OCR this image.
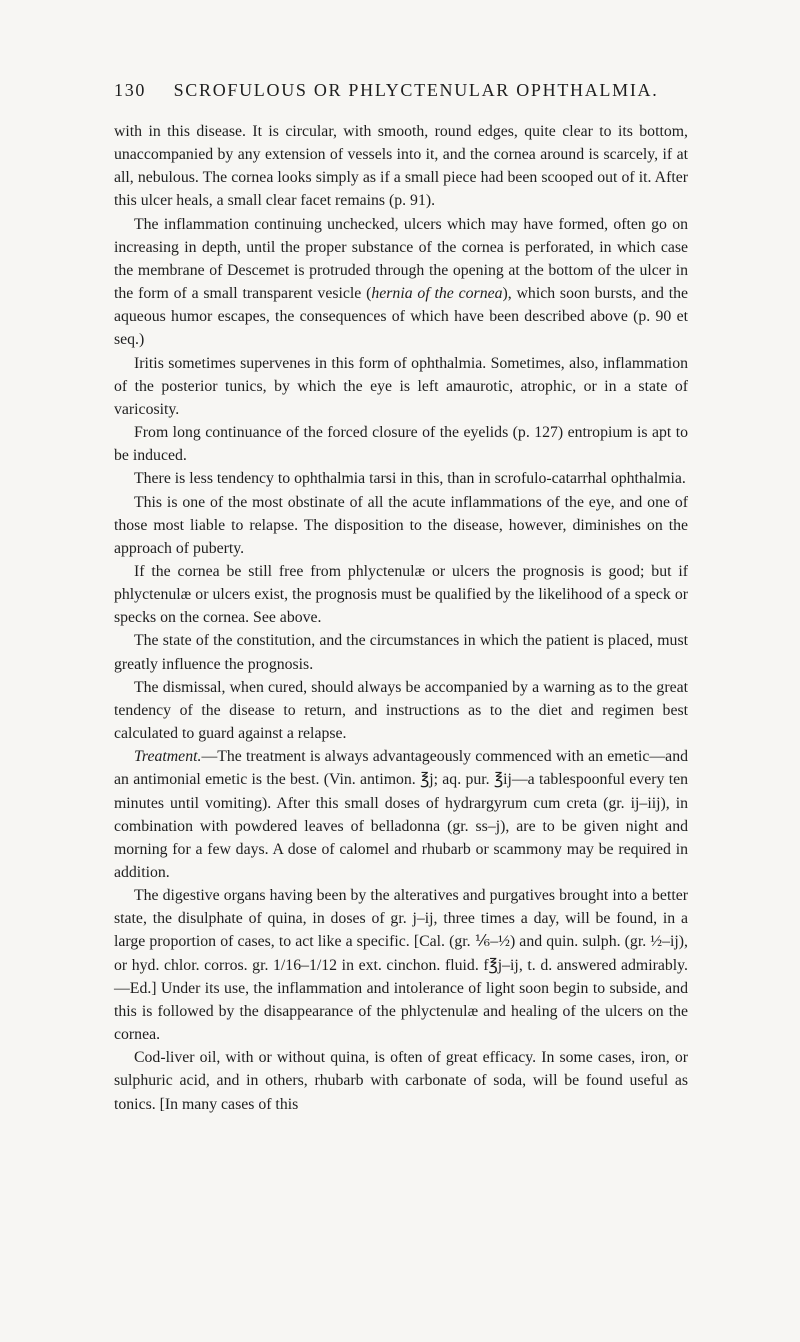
130	SCROFULOUS OR PHLYCTENULAR OPHTHALMIA.

with in this disease. It is circular, with smooth, round edges, quite clear to its bottom, unaccompanied by any extension of vessels into it, and the cornea around is scarcely, if at all, nebulous. The cornea looks simply as if a small piece had been scooped out of it. After this ulcer heals, a small clear facet remains (p. 91).

The inflammation continuing unchecked, ulcers which may have formed, often go on increasing in depth, until the proper substance of the cornea is perforated, in which case the membrane of Descemet is protruded through the opening at the bottom of the ulcer in the form of a small transparent vesicle (hernia of the cornea), which soon bursts, and the aqueous humor escapes, the consequences of which have been described above (p. 90 et seq.)

Iritis sometimes supervenes in this form of ophthalmia. Sometimes, also, inflammation of the posterior tunics, by which the eye is left amaurotic, atrophic, or in a state of varicosity.

From long continuance of the forced closure of the eyelids (p. 127) entropium is apt to be induced.

There is less tendency to ophthalmia tarsi in this, than in scrofulo-catarrhal ophthalmia.

This is one of the most obstinate of all the acute inflammations of the eye, and one of those most liable to relapse. The disposition to the disease, however, diminishes on the approach of puberty.

If the cornea be still free from phlyctenulæ or ulcers the prognosis is good; but if phlyctenulæ or ulcers exist, the prognosis must be qualified by the likelihood of a speck or specks on the cornea. See above.

The state of the constitution, and the circumstances in which the patient is placed, must greatly influence the prognosis.

The dismissal, when cured, should always be accompanied by a warning as to the great tendency of the disease to return, and instructions as to the diet and regimen best calculated to guard against a relapse.

Treatment.—The treatment is always advantageously commenced with an emetic—and an antimonial emetic is the best. (Vin. antimon. ℥j; aq. pur. ℥ij—a tablespoonful every ten minutes until vomiting). After this small doses of hydrargyrum cum creta (gr. ij–iij), in combination with powdered leaves of belladonna (gr. ss–j), are to be given night and morning for a few days. A dose of calomel and rhubarb or scammony may be required in addition.

The digestive organs having been by the alteratives and purgatives brought into a better state, the disulphate of quina, in doses of gr. j–ij, three times a day, will be found, in a large proportion of cases, to act like a specific. [Cal. (gr. ⅙–½) and quin. sulph. (gr. ½–ij), or hyd. chlor. corros. gr. 1/16–1/12 in ext. cinchon. fluid. f℥j–ij, t. d. answered admirably.—Ed.] Under its use, the inflammation and intolerance of light soon begin to subside, and this is followed by the disappearance of the phlyctenulæ and healing of the ulcers on the cornea.

Cod-liver oil, with or without quina, is often of great efficacy. In some cases, iron, or sulphuric acid, and in others, rhubarb with carbonate of soda, will be found useful as tonics. [In many cases of this
